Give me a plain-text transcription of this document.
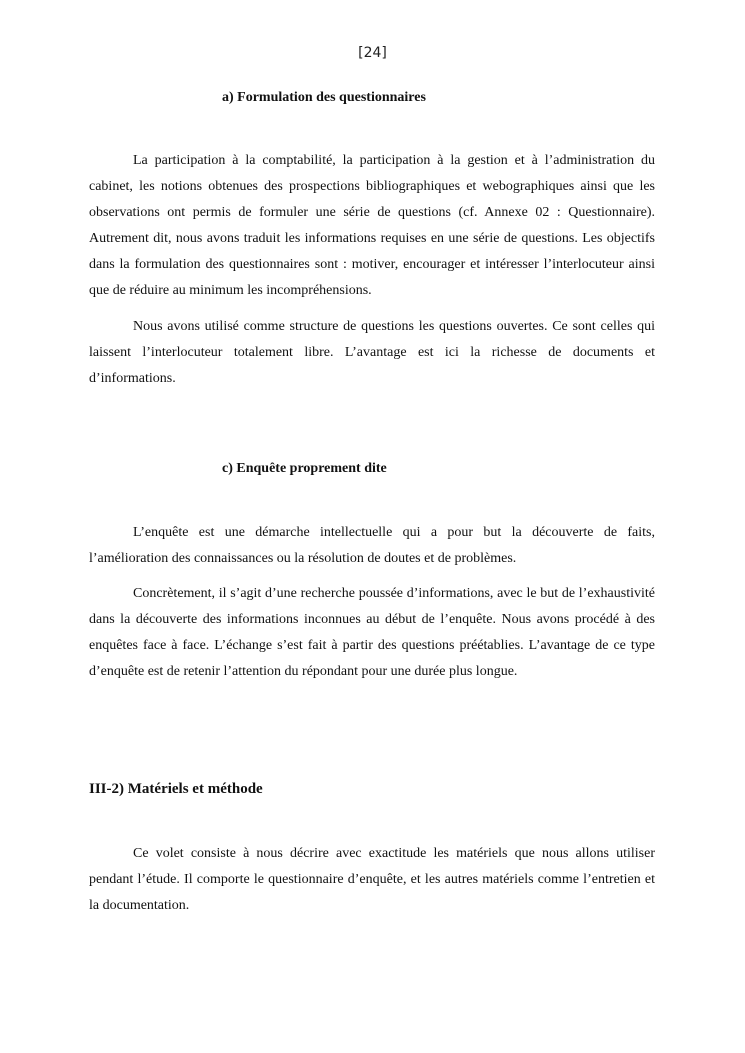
[24]
a) Formulation des questionnaires

La participation à la comptabilité, la participation à la gestion et à l’administration du cabinet, les notions obtenues des prospections bibliographiques et webographiques ainsi que les observations ont permis de formuler une série de questions (cf. Annexe 02 : Questionnaire). Autrement dit, nous avons traduit les informations requises en une série de questions. Les objectifs dans la formulation des questionnaires sont : motiver, encourager et intéresser l’interlocuteur ainsi que de réduire au minimum les incompréhensions.

Nous avons utilisé comme structure de questions les questions ouvertes. Ce sont celles qui laissent l’interlocuteur totalement libre. L’avantage est ici la richesse de documents et d’informations.

c) Enquête proprement dite

L’enquête est une démarche intellectuelle qui a pour but la découverte de faits, l’amélioration des connaissances ou la résolution de doutes et de problèmes.

Concrètement, il s’agit d’une recherche poussée d’informations, avec le but de l’exhaustivité dans la découverte des informations inconnues au début de l’enquête. Nous avons procédé à des enquêtes face à face. L’échange s’est fait à partir des questions préétablies. L’avantage de ce type d’enquête est de retenir l’attention du répondant pour une durée plus longue.

III-2) Matériels et méthode

Ce volet consiste à nous décrire avec exactitude les matériels que nous allons utiliser pendant l’étude. Il comporte le questionnaire d’enquête, et les autres matériels comme l’entretien et la documentation.
